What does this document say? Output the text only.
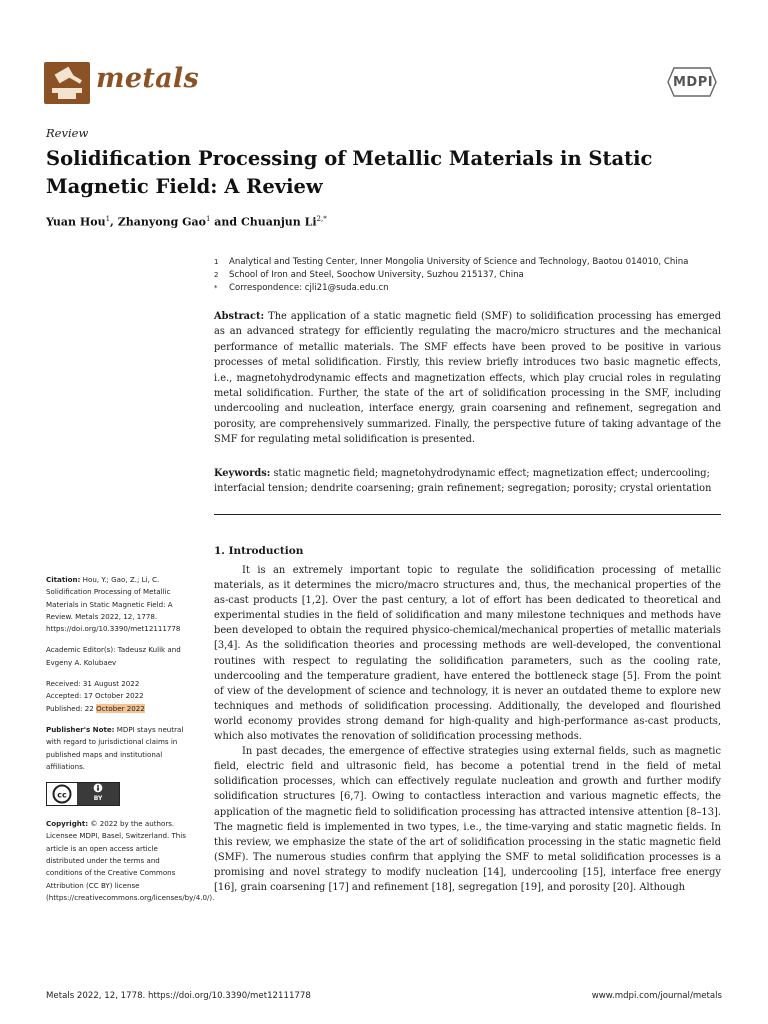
metals	MDPI
Review
Solidification Processing of Metallic Materials in Static Magnetic Field: A Review
Yuan Hou$^1$, Zhanyong Gao$^1$ and Chuanjun $Li^{2,*}$
1	Analytical and Testing Center, Inner Mongolia University of Science and Technology, Baotou 014010, China
2	School of Iron and Steel, Soochow University, Suzhou 215137, China
*	Correspondence: cjli21@suda.edu.cn
Abstract: The application of a static magnetic field (SMF) to solidification processing has emerged as an advanced strategy for efficiently regulating the macro/micro structures and the mechanical performance of metallic materials. The SMF effects have been proved to be positive in various processes of metal solidification. Firstly, this review briefly introduces two basic magnetic effects, i.e., magnetohydrodynamic effects and magnetization effects, which play crucial roles in regulating metal solidification. Further, the state of the art of solidification processing in the SMF, including undercooling and nucleation, interface energy, grain coarsening and refinement, segregation and porosity, are comprehensively summarized. Finally, the perspective future of taking advantage of the SMF for regulating metal solidification is presented.
Keywords: static magnetic field; magnetohydrodynamic effect; magnetization effect; undercooling; interfacial tension; dendrite coarsening; grain refinement; segregation; porosity; crystal orientation
1. Introduction

It is an extremely important topic to regulate the solidification processing of metallic materials, as it determines the micro/macro structures and, thus, the mechanical properties of the as-cast products [1,2]. Over the past century, a lot of effort has been dedicated to theoretical and experimental studies in the field of solidification and many milestone techniques and methods have been developed to obtain the required physico-chemical/mechanical properties of metallic materials [3,4]. As the solidification theories and processing methods are well-developed, the conventional routines with respect to regulating the solidification parameters, such as the cooling rate, undercooling and the temperature gradient, have entered the bottleneck stage [5]. From the point of view of the development of science and technology, it is never an outdated theme to explore new techniques and methods of solidification processing. Additionally, the developed and flourished world economy provides strong demand for high-quality and high-performance as-cast products, which also motivates the renovation of solidification processing methods.

In past decades, the emergence of effective strategies using external fields, such as magnetic field, electric field and ultrasonic field, has become a potential trend in the field of metal solidification processes, which can effectively regulate nucleation and growth and further modify solidification structures [6,7]. Owing to contactless interaction and various magnetic effects, the application of the magnetic field to solidification processing has attracted intensive attention [8–13]. The magnetic field is implemented in two types, i.e., the time-varying and static magnetic fields. In this review, we emphasize the state of the art of solidification processing in the static magnetic field (SMF). The numerous studies confirm that applying the SMF to metal solidification processes is a promising and novel strategy to modify nucleation [14], undercooling [15], interface free energy [16], grain coarsening [17] and refinement [18], segregation [19], and porosity [20]. Although

Citation: Hou, Y.; Gao, Z.; Li, C. Solidification Processing of Metallic Materials in Static Magnetic Field: A Review. Metals 2022, 12, 1778. https://doi.org/10.3390/met12111778
Academic Editor(s): Tadeusz Kulik and Evgeny A. Kolubaev
Received: 31 August 2022
Accepted: 17 October 2022
Published: 22 October 2022
Publisher's Note: MDPI stays neutral with regard to jurisdictional claims in published maps and institutional affiliations.
cc	BY
Copyright: © 2022 by the authors. Licensee MDPI, Basel, Switzerland. This article is an open access article distributed under the terms and conditions of the Creative Commons Attribution (CC BY) license (https://creativecommons.org/licenses/by/4.0/).
Metals 2022, 12, 1778. https://doi.org/10.3390/met12111778	www.mdpi.com/journal/metals
